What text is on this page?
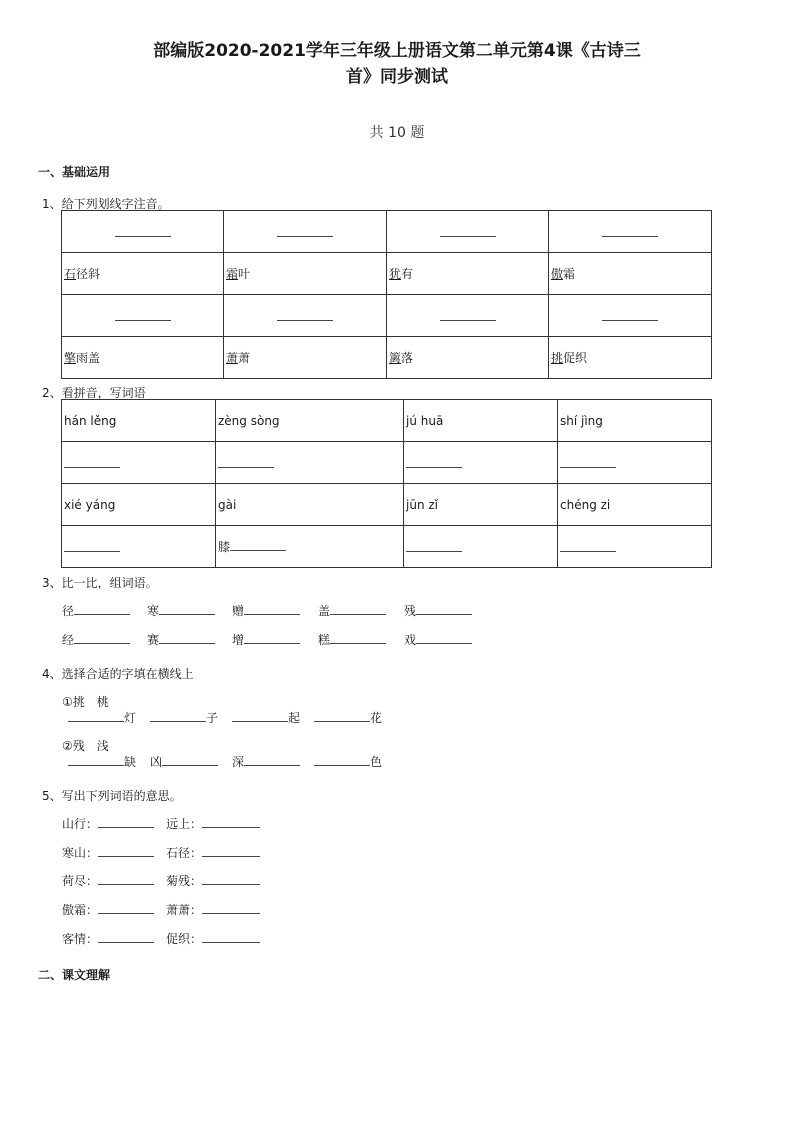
部编版2020-2021学年三年级上册语文第二单元第4课《古诗三
首》同步测试
共 10 题
一、基础运用
1、给下列划线字注音。

石径斜	霜叶	犹有	傲霜

擎雨盖	萧萧	篱落	挑促织
2、看拼音，写词语
hán lěng	zèng sòng	jú huā	shí jìng

xié yáng	gài	jūn zǐ	chéng zi
	膝		
3、比一比，组词语。
径	寒	赠	盖	残
经	赛	增	糕	戏
4、选择合适的字填在横线上
①挑　桃
灯	子	起	花
②残　浅
缺 凶	深	色
5、写出下列词语的意思。
山行：	远上：
寒山：	石径：
荷尽：	菊残：
傲霜：	萧萧：
客情：	促织：
二、课文理解
